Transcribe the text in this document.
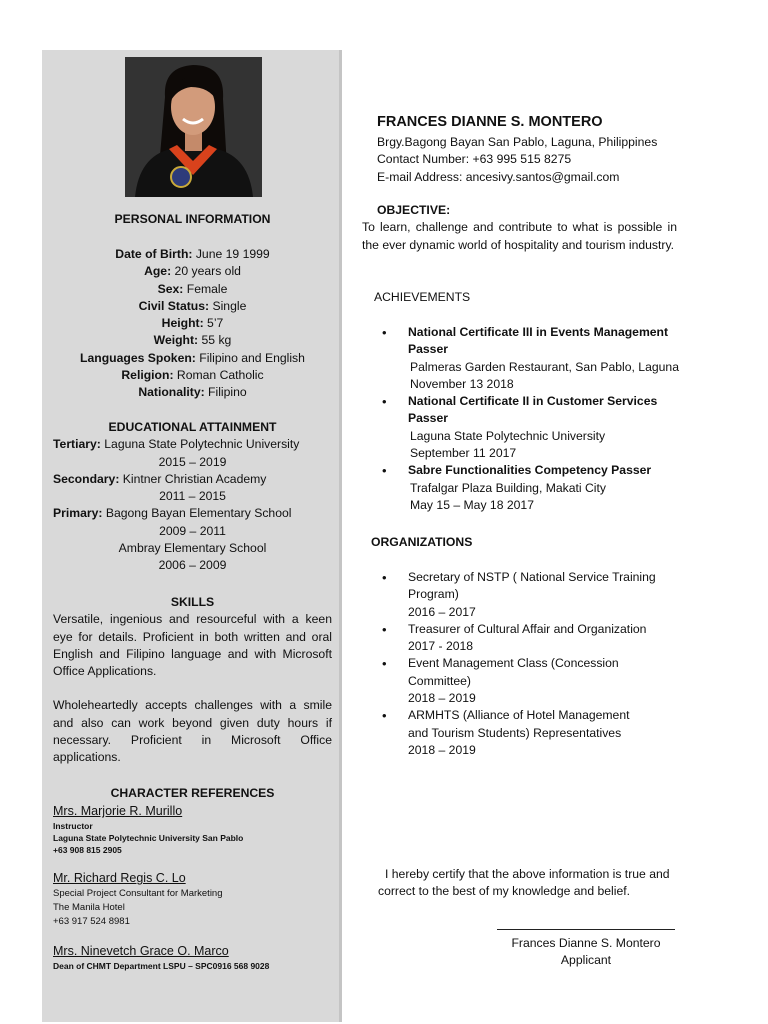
PERSONAL INFORMATION
Date of Birth: June 19 1999
Age: 20 years old
Sex: Female
Civil Status: Single
Height: 5’7
Weight: 55 kg
Languages Spoken: Filipino and English
Religion: Roman Catholic
Nationality: Filipino
EDUCATIONAL ATTAINMENT
Tertiary: Laguna State Polytechnic University
2015 – 2019
Secondary: Kintner Christian Academy
2011 – 2015
Primary: Bagong Bayan Elementary School
2009 – 2011
Ambray Elementary School
2006 – 2009
SKILLS
Versatile, ingenious and resourceful with a keen eye for details. Proficient in both written and oral English and Filipino language and with Microsoft Office Applications.
Wholeheartedly accepts challenges with a smile and also can work beyond given duty hours if necessary. Proficient in Microsoft Office applications.
CHARACTER REFERENCES
Mrs. Marjorie R. Murillo
Instructor
Laguna State Polytechnic University San Pablo
+63 908 815 2905
Mr. Richard Regis C. Lo
Special Project Consultant for Marketing
The Manila Hotel
+63 917 524 8981
Mrs. Ninevetch Grace O. Marco
Dean of CHMT Department LSPU – SPC0916 568 9028
FRANCES DIANNE S. MONTERO
Brgy.Bagong Bayan San Pablo, Laguna, Philippines
Contact Number: +63 995 515 8275
E-mail Address: ancesivy.santos@gmail.com
OBJECTIVE:
To learn, challenge and contribute to what is possible in the ever dynamic world of hospitality and tourism industry.
ACHIEVEMENTS
• National Certificate III in Events Management
Passer
Palmeras Garden Restaurant, San Pablo, Laguna
November 13 2018
• National Certificate II in Customer Services
Passer
Laguna State Polytechnic University
September 11 2017
• Sabre Functionalities Competency Passer
Trafalgar Plaza Building, Makati City
May 15 – May 18 2017
ORGANIZATIONS
• Secretary of NSTP ( National Service Training
Program)
2016 – 2017
• Treasurer of Cultural Affair and Organization
2017 - 2018
• Event Management Class (Concession
Committee)
2018 – 2019
• ARMHTS (Alliance of Hotel Management
and Tourism Students) Representatives
2018 – 2019
I hereby certify that the above information is true and
correct to the best of my knowledge and belief.
Frances Dianne S. Montero
Applicant
